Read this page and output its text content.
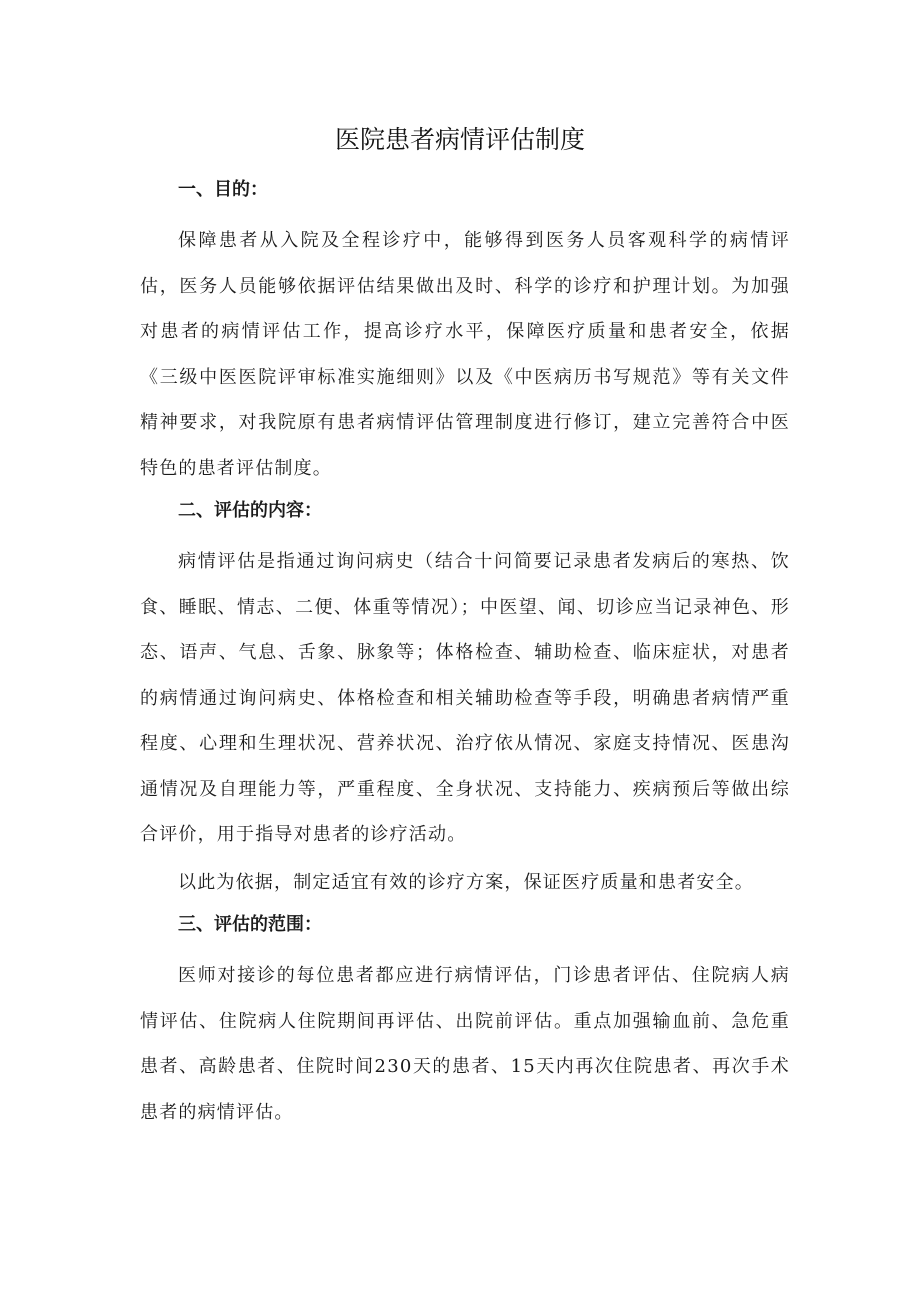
医院患者病情评估制度
一、目的：

保障患者从入院及全程诊疗中，能够得到医务人员客观科学的病情评估，医务人员能够依据评估结果做出及时、科学的诊疗和护理计划。为加强对患者的病情评估工作，提高诊疗水平，保障医疗质量和患者安全，依据《三级中医医院评审标准实施细则》以及《中医病历书写规范》等有关文件精神要求，对我院原有患者病情评估管理制度进行修订，建立完善符合中医特色的患者评估制度。

二、评估的内容：

病情评估是指通过询问病史（结合十问简要记录患者发病后的寒热、饮食、睡眠、情志、二便、体重等情况）；中医望、闻、切诊应当记录神色、形态、语声、气息、舌象、脉象等；体格检查、辅助检查、临床症状，对患者的病情通过询问病史、体格检查和相关辅助检查等手段，明确患者病情严重程度、心理和生理状况、营养状况、治疗依从情况、家庭支持情况、医患沟通情况及自理能力等，严重程度、全身状况、支持能力、疾病预后等做出综合评价，用于指导对患者的诊疗活动。

以此为依据，制定适宜有效的诊疗方案，保证医疗质量和患者安全。

三、评估的范围：

医师对接诊的每位患者都应进行病情评估，门诊患者评估、住院病人病情评估、住院病人住院期间再评估、出院前评估。重点加强输血前、急危重患者、高龄患者、住院时间230天的患者、15天内再次住院患者、再次手术患者的病情评估。
